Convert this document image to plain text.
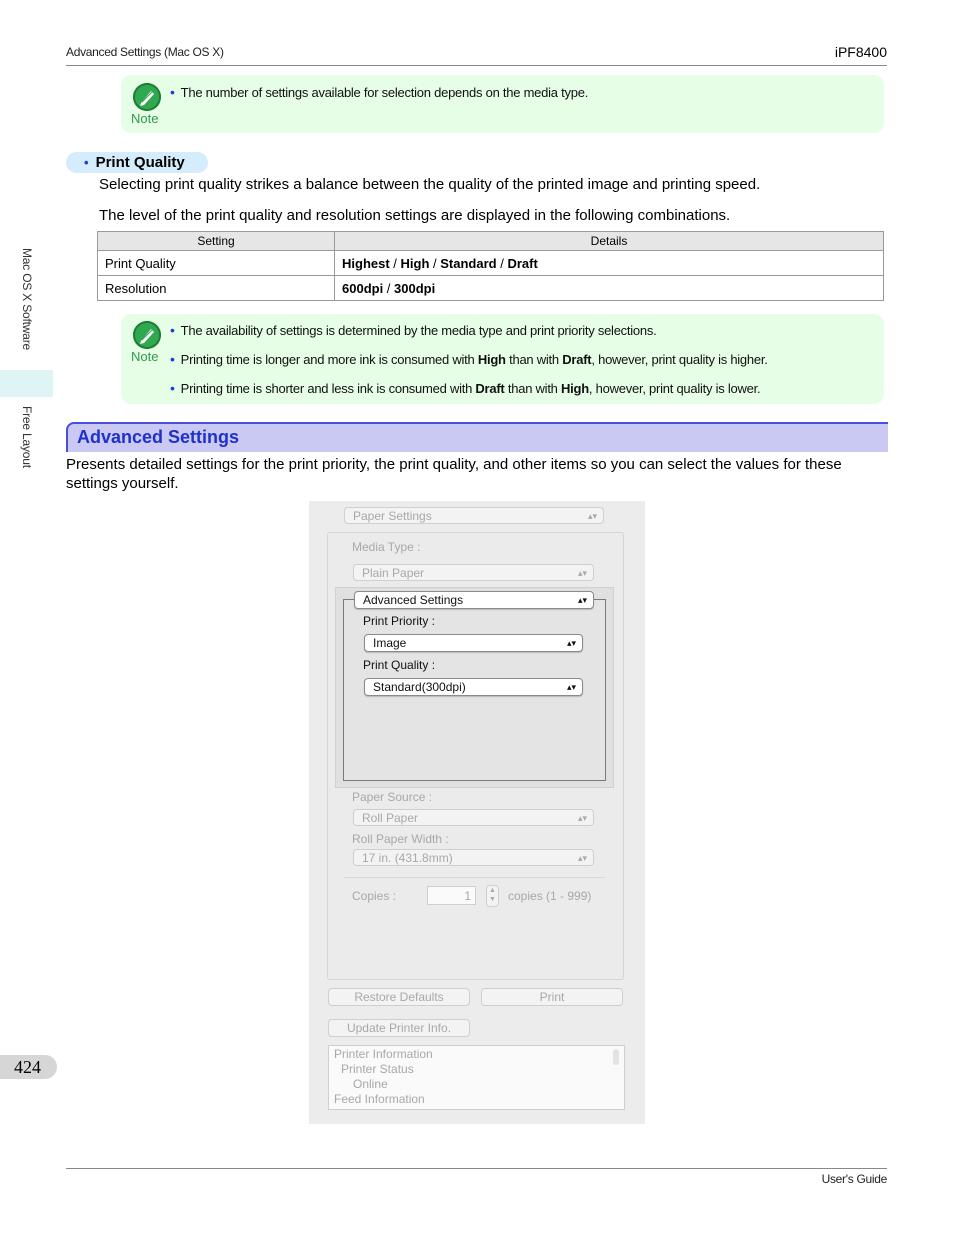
Advanced Settings (Mac OS X)	iPF8400
Mac OS X Software
Free Layout
424
Note
• The number of settings available for selection depends on the media type.
• Print Quality
Selecting print quality strikes a balance between the quality of the printed image and printing speed.
The level of the print quality and resolution settings are displayed in the following combinations.
Setting	Details
Print Quality	Highest / High / Standard / Draft
Resolution	600dpi / 300dpi
Note
• The availability of settings is determined by the media type and print priority selections.
• Printing time is longer and more ink is consumed with High than with Draft, however, print quality is higher.
• Printing time is shorter and less ink is consumed with Draft than with High, however, print quality is lower.
Advanced Settings
Presents detailed settings for the print priority, the print quality, and other items so you can select the values for these
settings yourself.
Paper Settings	▴▾
Media Type :
Plain Paper	▴▾
Advanced Settings	▴▾
Print Priority :
Image	▴▾
Print Quality :
Standard(300dpi)	▴▾
Paper Source :
Roll Paper	▴▾
Roll Paper Width :
17 in. (431.8mm)	▴▾
Copies :	1	▲
▼ copies (1 - 999)
Restore Defaults	Print
Update Printer Info.
Printer Information
Printer Status
Online
Feed Information
User's Guide
